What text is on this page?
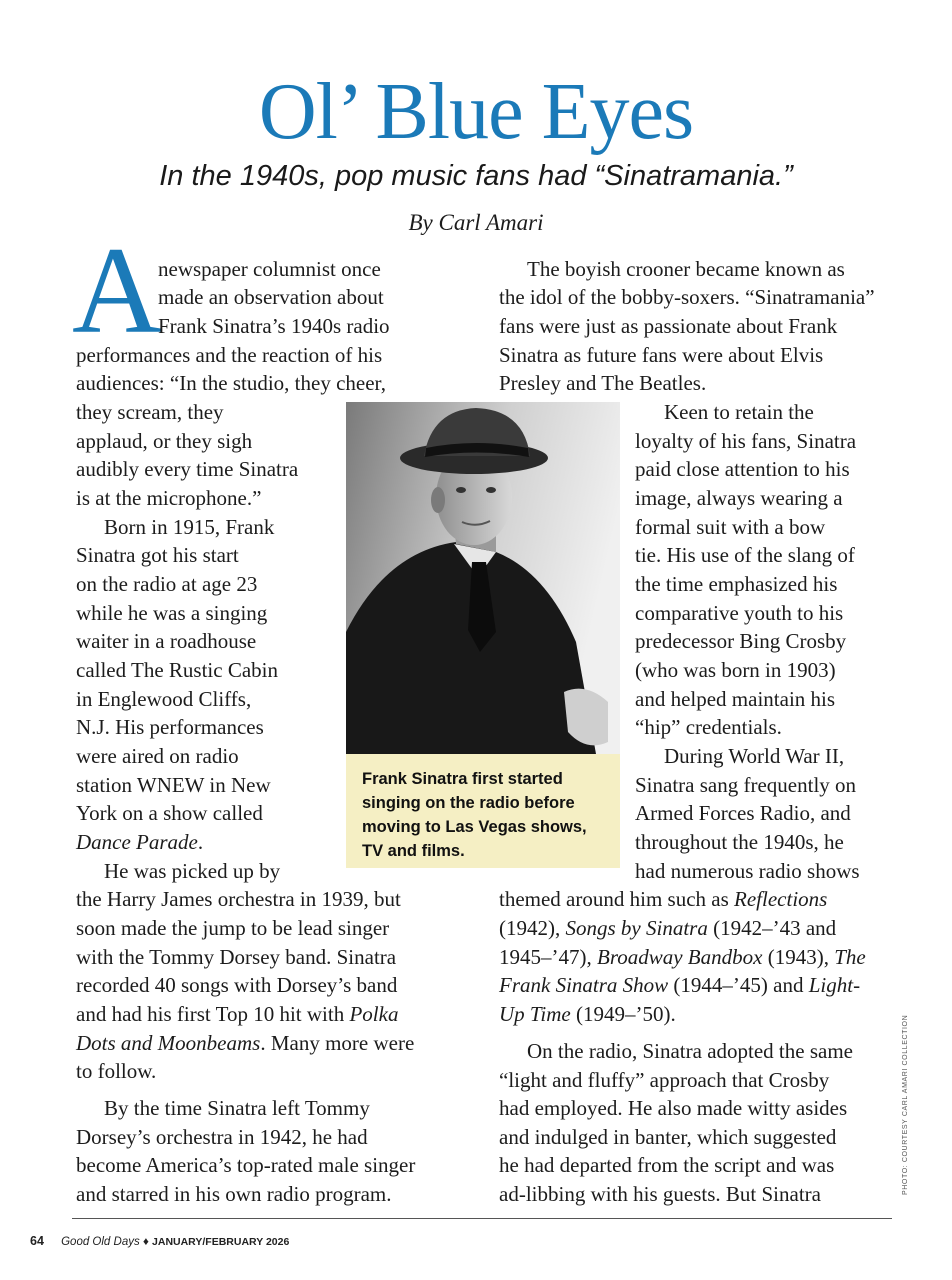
Ol’ Blue Eyes
In the 1940s, pop music fans had “Sinatramania.”
By Carl Amari
A
newspaper columnist once
made an observation about
Frank Sinatra’s 1940s radio
performances and the reaction of his
audiences: “In the studio, they cheer,
they scream, they
applaud, or they sigh
audibly every time Sinatra
is at the microphone.”
Born in 1915, Frank
Sinatra got his start
on the radio at age 23
while he was a singing
waiter in a roadhouse
called The Rustic Cabin
in Englewood Cliffs,
N.J. His performances
were aired on radio
station WNEW in New
York on a show called
Dance Parade.
He was picked up by
the Harry James orchestra in 1939, but
soon made the jump to be lead singer
with the Tommy Dorsey band. Sinatra
recorded 40 songs with Dorsey’s band
and had his first Top 10 hit with Polka
Dots and Moonbeams. Many more were
to follow.
By the time Sinatra left Tommy
Dorsey’s orchestra in 1942, he had
become America’s top-rated male singer
and starred in his own radio program.
Frank Sinatra first started singing on the radio before moving to Las Vegas shows, TV and films.
The boyish crooner became known as
the idol of the bobby-soxers. “Sinatramania”
fans were just as passionate about Frank
Sinatra as future fans were about Elvis
Presley and The Beatles.
Keen to retain the
loyalty of his fans, Sinatra
paid close attention to his
image, always wearing a
formal suit with a bow
tie. His use of the slang of
the time emphasized his
comparative youth to his
predecessor Bing Crosby
(who was born in 1903)
and helped maintain his
“hip” credentials.
During World War II,
Sinatra sang frequently on
Armed Forces Radio, and
throughout the 1940s, he
had numerous radio shows
themed around him such as Reflections
(1942), Songs by Sinatra (1942–’43 and
1945–’47), Broadway Bandbox (1943), The
Frank Sinatra Show (1944–’45) and Light-
Up Time (1949–’50).
On the radio, Sinatra adopted the same
“light and fluffy” approach that Crosby
had employed. He also made witty asides
and indulged in banter, which suggested
he had departed from the script and was
ad-libbing with his guests. But Sinatra	PHOTO: COURTESY CARL AMARI COLLECTION
64 Good Old Days ♦ JANUARY/FEBRUARY 2026
